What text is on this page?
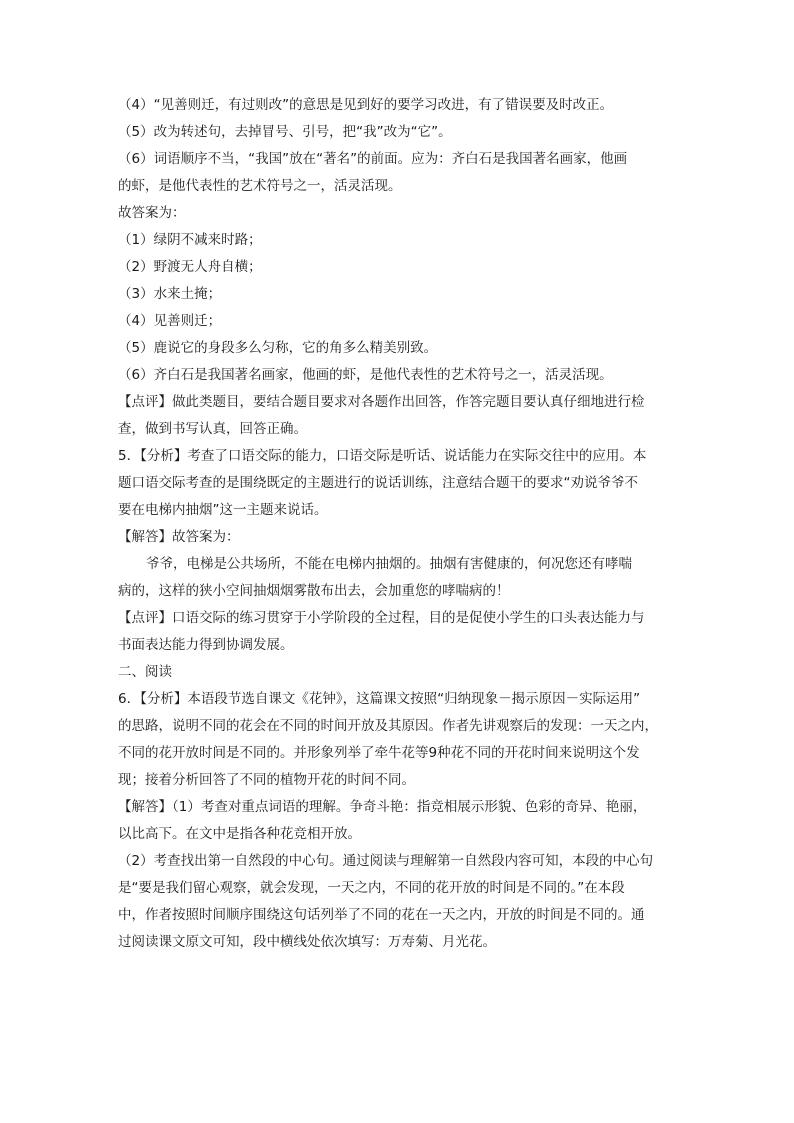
（4）“见善则迁，有过则改”的意思是见到好的要学习改进，有了错误要及时改正。
（5）改为转述句，去掉冒号、引号，把“我”改为“它”。
（6）词语顺序不当，“我国”放在“著名”的前面。应为：齐白石是我国著名画家，他画
的虾，是他代表性的艺术符号之一，活灵活现。
故答案为：
（1）绿阴不减来时路；
（2）野渡无人舟自横；
（3）水来土掩；
（4）见善则迁；
（5）鹿说它的身段多么匀称，它的角多么精美别致。
（6）齐白石是我国著名画家，他画的虾，是他代表性的艺术符号之一，活灵活现。
【点评】做此类题目，要结合题目要求对各题作出回答，作答完题目要认真仔细地进行检
查，做到书写认真，回答正确。
5．【分析】考查了口语交际的能力，口语交际是听话、说话能力在实际交往中的应用。本
题口语交际考查的是围绕既定的主题进行的说话训练，注意结合题干的要求“劝说爷爷不
要在电梯内抽烟”这一主题来说话。
【解答】故答案为：
爷爷，电梯是公共场所，不能在电梯内抽烟的。抽烟有害健康的，何况您还有哮喘
病的，这样的狭小空间抽烟烟雾散布出去，会加重您的哮喘病的！
【点评】口语交际的练习贯穿于小学阶段的全过程，目的是促使小学生的口头表达能力与
书面表达能力得到协调发展。
二、阅读
6．【分析】本语段节选自课文《花钟》，这篇课文按照“归纳现象－揭示原因－实际运用”
的思路，说明不同的花会在不同的时间开放及其原因。作者先讲观察后的发现：一天之内，
不同的花开放时间是不同的。并形象列举了牵牛花等9种花不同的开花时间来说明这个发
现；接着分析回答了不同的植物开花的时间不同。
【解答】（1）考查对重点词语的理解。争奇斗艳：指竞相展示形貌、色彩的奇异、艳丽，
以比高下。在文中是指各种花竞相开放。
（2）考查找出第一自然段的中心句。通过阅读与理解第一自然段内容可知，本段的中心句
是“要是我们留心观察，就会发现，一天之内，不同的花开放的时间是不同的。”在本段
中，作者按照时间顺序围绕这句话列举了不同的花在一天之内，开放的时间是不同的。通
过阅读课文原文可知，段中横线处依次填写：万寿菊、月光花。
